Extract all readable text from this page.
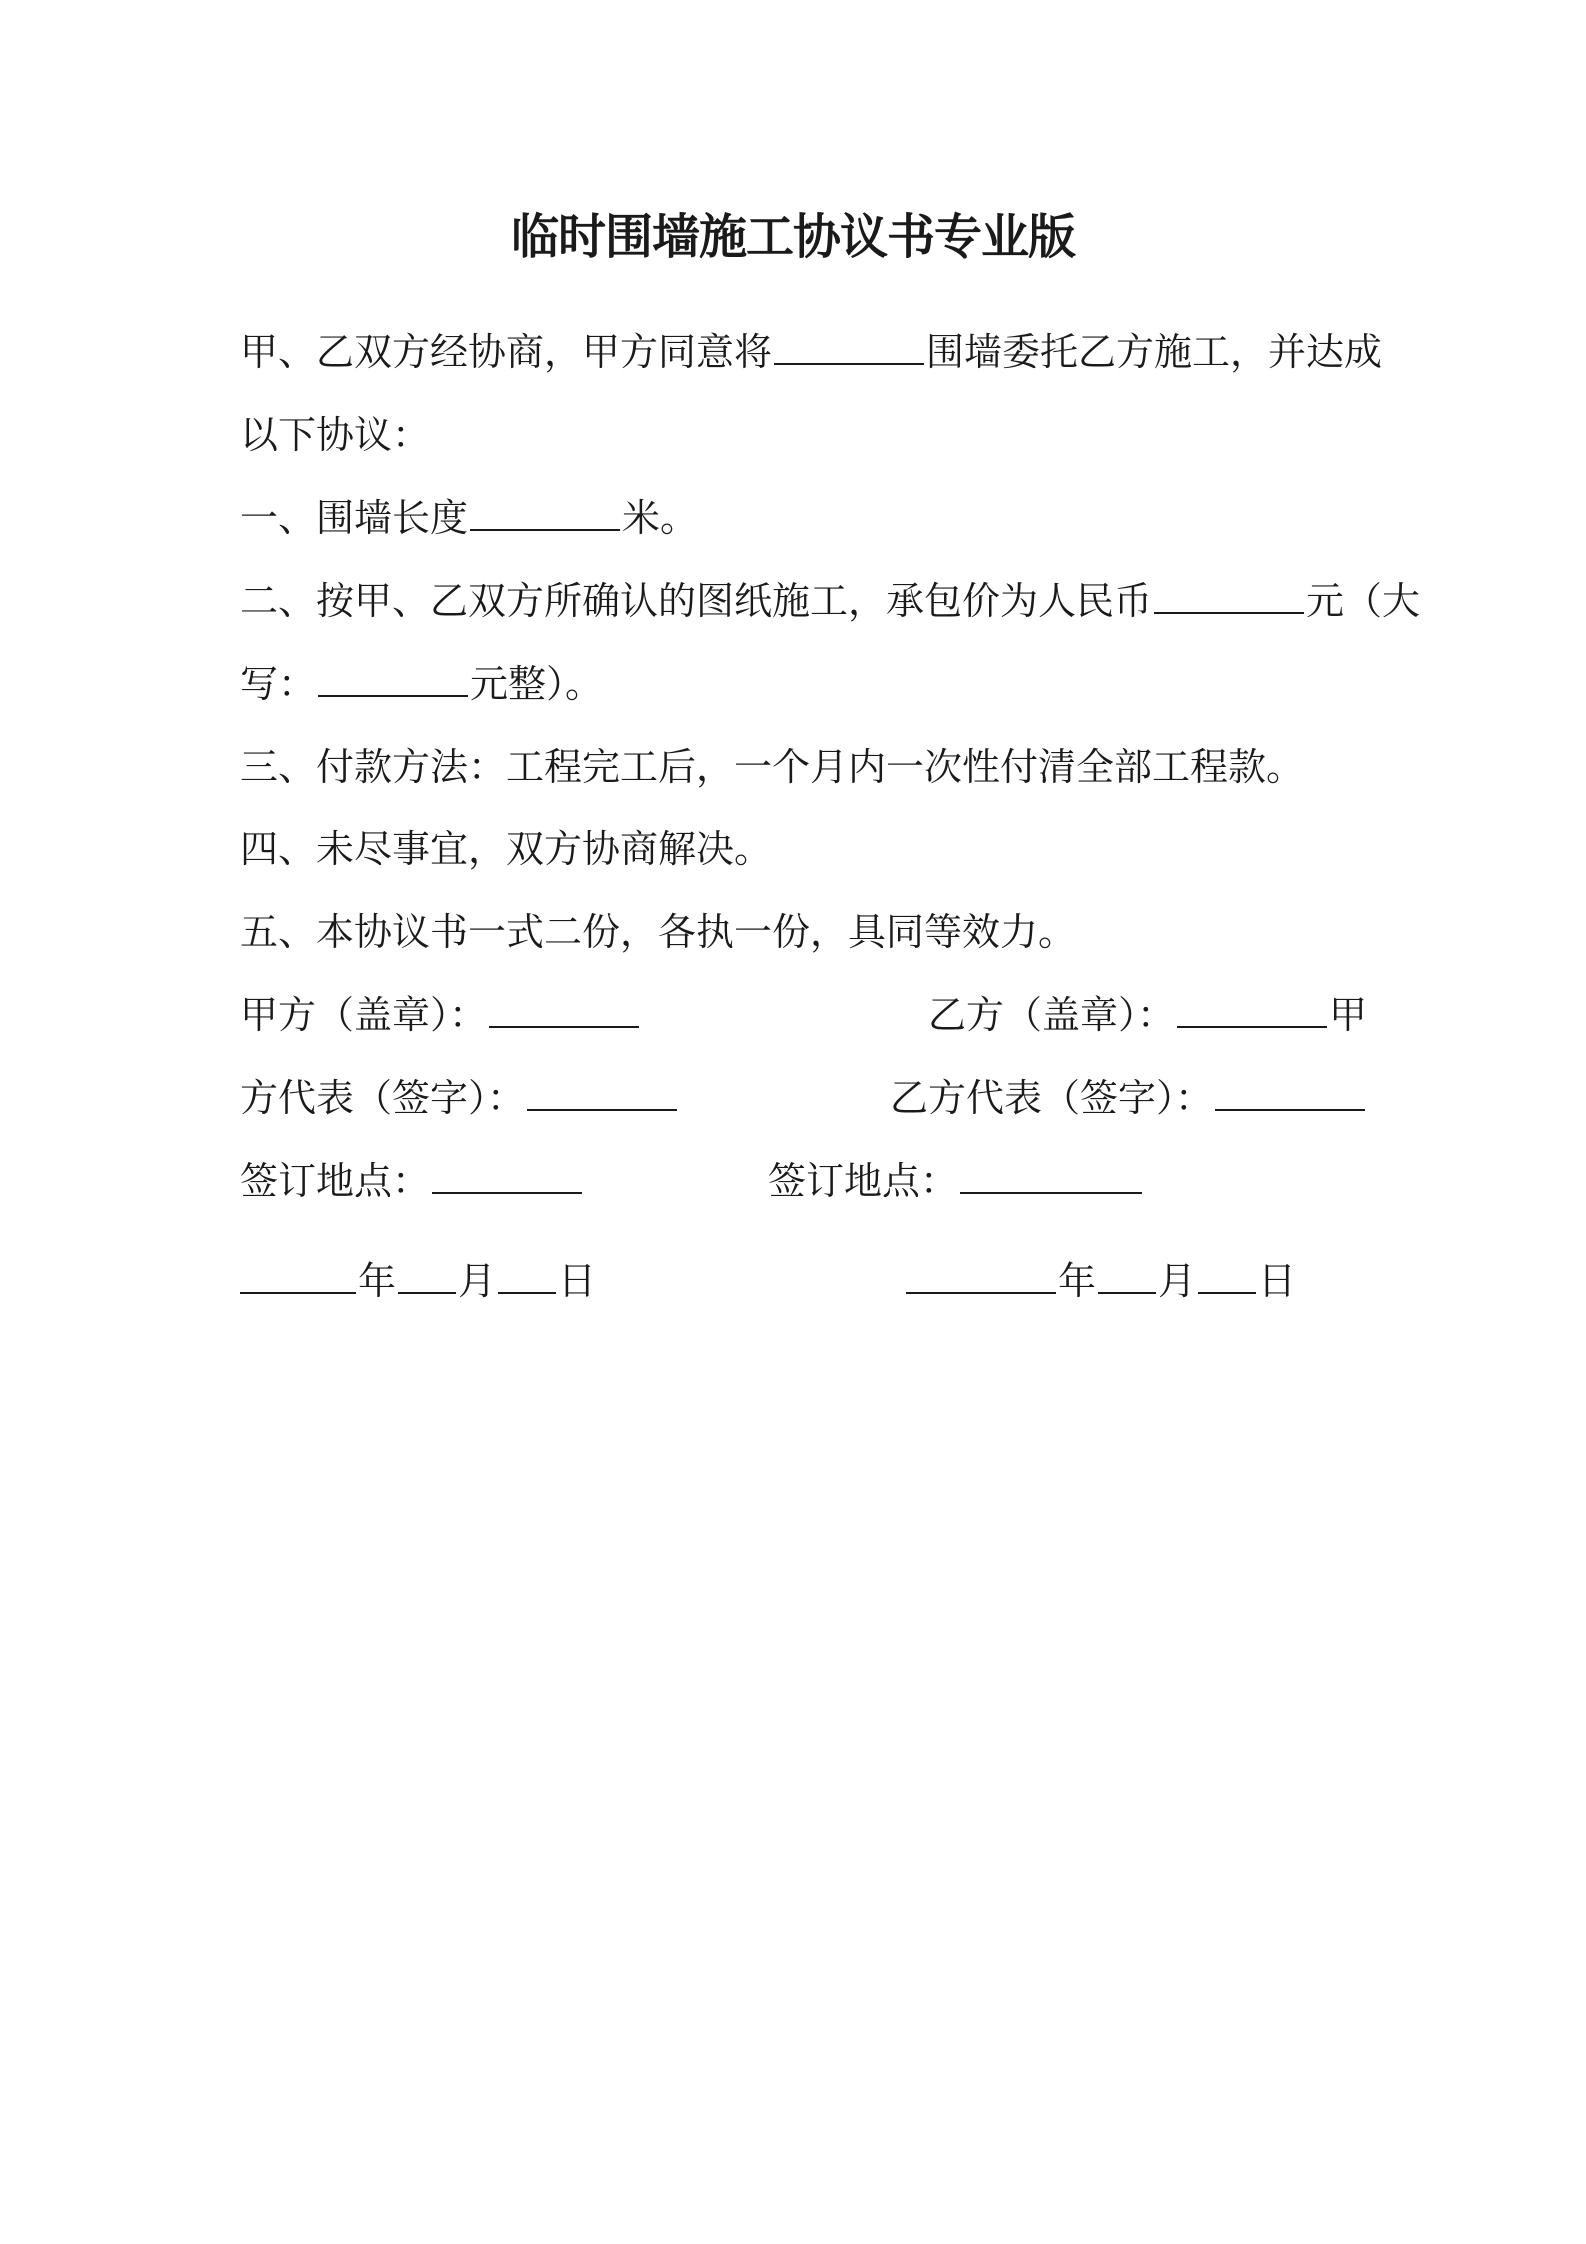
临时围墙施工协议书专业版
甲、乙双方经协商，甲方同意将	围墙委托乙方施工，并达成
以下协议：
一、围墙长度	米。
二、按甲、乙双方所确认的图纸施工，承包价为人民币	元（大
写：	元整）。
三、付款方法：工程完工后，一个月内一次性付清全部工程款。
四、未尽事宜，双方协商解决。
五、本协议书一式二份，各执一份，具同等效力。
甲方（盖章）：	乙方（盖章）：	甲
方代表（签字）：	乙方代表（签字）：
签订地点：	签订地点：
年 月 日	年 月 日
